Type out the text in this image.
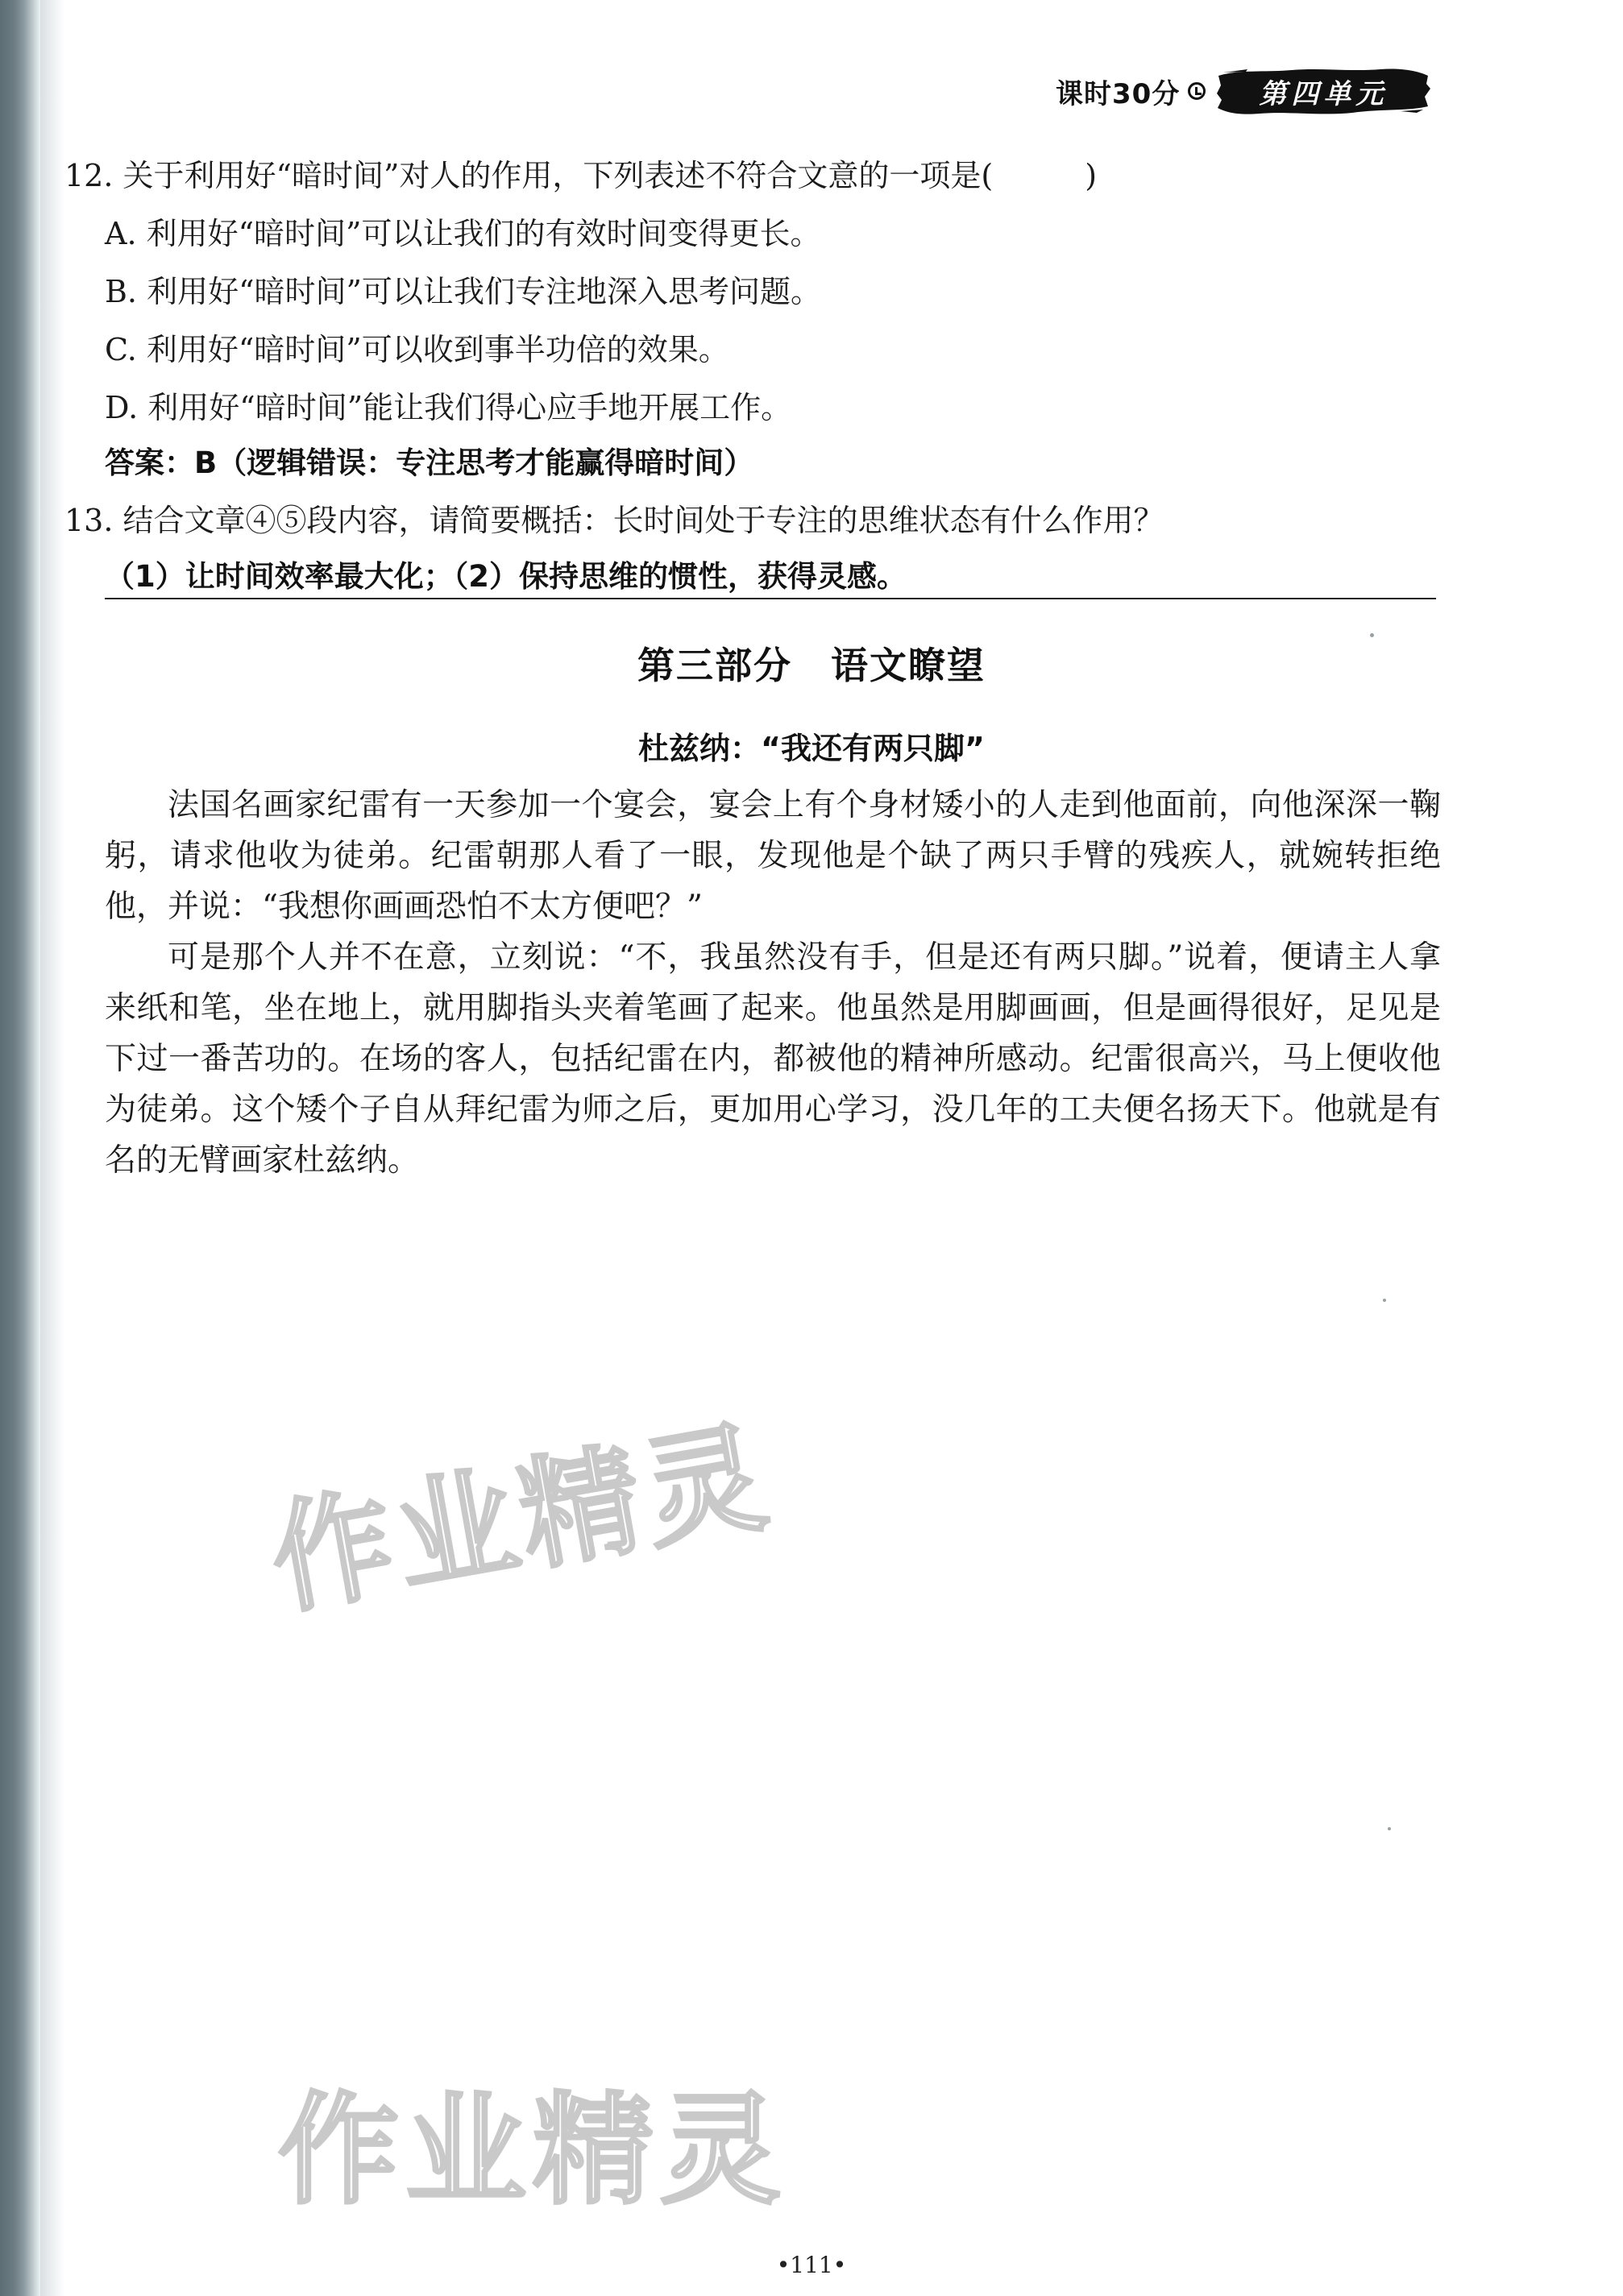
课时30分	第四单元
12. 关于利用好“暗时间”对人的作用，下列表述不符合文意的一项是(　　　)
A. 利用好“暗时间”可以让我们的有效时间变得更长。
B. 利用好“暗时间”可以让我们专注地深入思考问题。
C. 利用好“暗时间”可以收到事半功倍的效果。
D. 利用好“暗时间”能让我们得心应手地开展工作。
答案：B（逻辑错误：专注思考才能赢得暗时间）
13. 结合文章④⑤段内容，请简要概括：长时间处于专注的思维状态有什么作用？
（1）让时间效率最大化；（2）保持思维的惯性，获得灵感。
第三部分　语文瞭望
杜兹纳：“我还有两只脚”

法国名画家纪雷有一天参加一个宴会，宴会上有个身材矮小的人走到他面前，向他深深一鞠躬，请求他收为徒弟。纪雷朝那人看了一眼，发现他是个缺了两只手臂的残疾人，就婉转拒绝他，并说：“我想你画画恐怕不太方便吧？”

可是那个人并不在意，立刻说：“不，我虽然没有手，但是还有两只脚。”说着，便请主人拿来纸和笔，坐在地上，就用脚指头夹着笔画了起来。他虽然是用脚画画，但是画得很好，足见是下过一番苦功的。在场的客人，包括纪雷在内，都被他的精神所感动。纪雷很高兴，马上便收他为徒弟。这个矮个子自从拜纪雷为师之后，更加用心学习，没几年的工夫便名扬天下。他就是有名的无臂画家杜兹纳。

作业精灵
作业精灵
•111•
